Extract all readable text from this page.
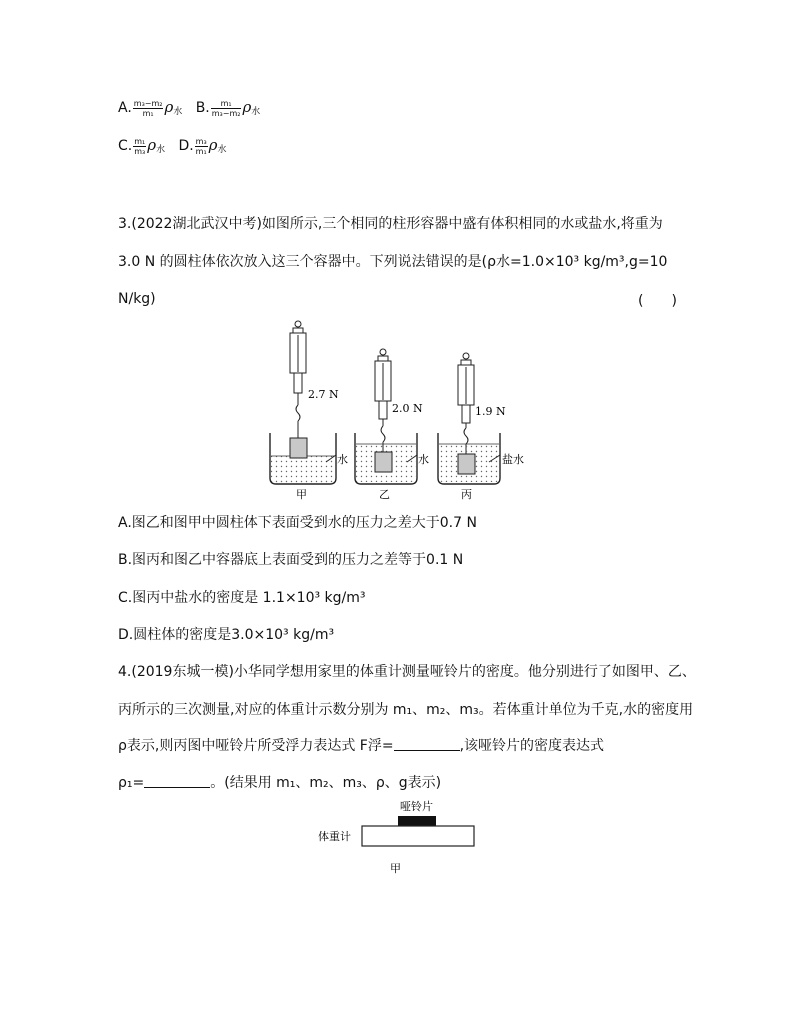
A. $\frac{\text{m₃−m₂}}{\text{m₁}} \rho_水$ B. $\frac{\text{m₁}}{\text{m₃−m₂}} \rho_水$
C. $\frac{\text{m₁}}{\text{m₃}} \rho_水$ D. $\frac{\text{m₃}}{\text{m₁}} \rho_水$
3.(2022湖北武汉中考)如图所示,三个相同的柱形容器中盛有体积相同的水或盐水,将重为
3.0 N 的圆柱体依次放入这三个容器中。下列说法错误的是(ρ水=1.0×10³ kg/m³,g=10
N/kg)	(　　)
2.7 N
水
甲
2.0 N
水
乙
1.9 N
盐水
丙
哑铃片
体重计
甲
A.图乙和图甲中圆柱体下表面受到水的压力之差大于0.7 N
B.图丙和图乙中容器底上表面受到的压力之差等于0.1 N
C.图丙中盐水的密度是 1.1×10³ kg/m³
D.圆柱体的密度是3.0×10³ kg/m³
4.(2019东城一模)小华同学想用家里的体重计测量哑铃片的密度。他分别进行了如图甲、乙、
丙所示的三次测量,对应的体重计示数分别为 m₁、m₂、m₃。若体重计单位为千克,水的密度用
ρ表示,则丙图中哑铃片所受浮力表达式 F浮=	,该哑铃片的密度表达式
ρ₁=	。(结果用 m₁、m₂、m₃、ρ、g表示)
